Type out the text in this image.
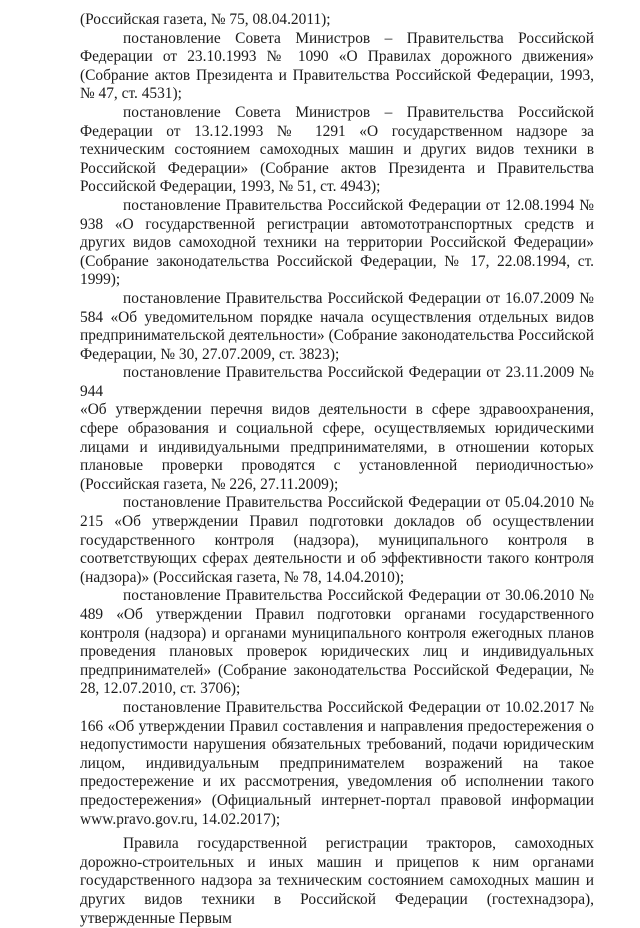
(Российская газета, № 75, 08.04.2011);

постановление Совета Министров – Правительства Российской Федерации от 23.10.1993 № 1090 «О Правилах дорожного движения» (Собрание актов Президента и Правительства Российской Федерации, 1993, № 47, ст. 4531);

постановление Совета Министров – Правительства Российской Федерации от 13.12.1993 № 1291 «О государственном надзоре за техническим состоянием самоходных машин и других видов техники в Российской Федерации» (Собрание актов Президента и Правительства Российской Федерации, 1993, № 51, ст. 4943);

постановление Правительства Российской Федерации от 12.08.1994 № 938 «О государственной регистрации автомототранспортных средств и других видов самоходной техники на территории Российской Федерации» (Собрание законодательства Российской Федерации, № 17, 22.08.1994, ст. 1999);

постановление Правительства Российской Федерации от 16.07.2009 № 584 «Об уведомительном порядке начала осуществления отдельных видов предпринимательской деятельности» (Собрание законодательства Российской Федерации, № 30, 27.07.2009, ст. 3823);

постановление Правительства Российской Федерации от 23.11.2009 № 944

«Об утверждении перечня видов деятельности в сфере здравоохранения, сфере образования и социальной сфере, осуществляемых юридическими лицами и индивидуальными предпринимателями, в отношении которых плановые проверки проводятся с установленной периодичностью» (Российская газета, № 226, 27.11.2009);

постановление Правительства Российской Федерации от 05.04.2010 № 215 «Об утверждении Правил подготовки докладов об осуществлении государственного контроля (надзора), муниципального контроля в соответствующих сферах деятельности и об эффективности такого контроля (надзора)» (Российская газета, № 78, 14.04.2010);

постановление Правительства Российской Федерации от 30.06.2010 № 489 «Об утверждении Правил подготовки органами государственного контроля (надзора) и органами муниципального контроля ежегодных планов проведения плановых проверок юридических лиц и индивидуальных предпринимателей» (Собрание законодательства Российской Федерации, № 28, 12.07.2010, ст. 3706);

постановление Правительства Российской Федерации от 10.02.2017 № 166 «Об утверждении Правил составления и направления предостережения о недопустимости нарушения обязательных требований, подачи юридическим лицом, индивидуальным предпринимателем возражений на такое предостережение и их рассмотрения, уведомления об исполнении такого предостережения» (Официальный интернет-портал правовой информации www.pravo.gov.ru, 14.02.2017);

Правила государственной регистрации тракторов, самоходных дорожно-строительных и иных машин и прицепов к ним органами государственного надзора за техническим состоянием самоходных машин и других видов техники в Российской Федерации (гостехнадзора), утвержденные Первым
